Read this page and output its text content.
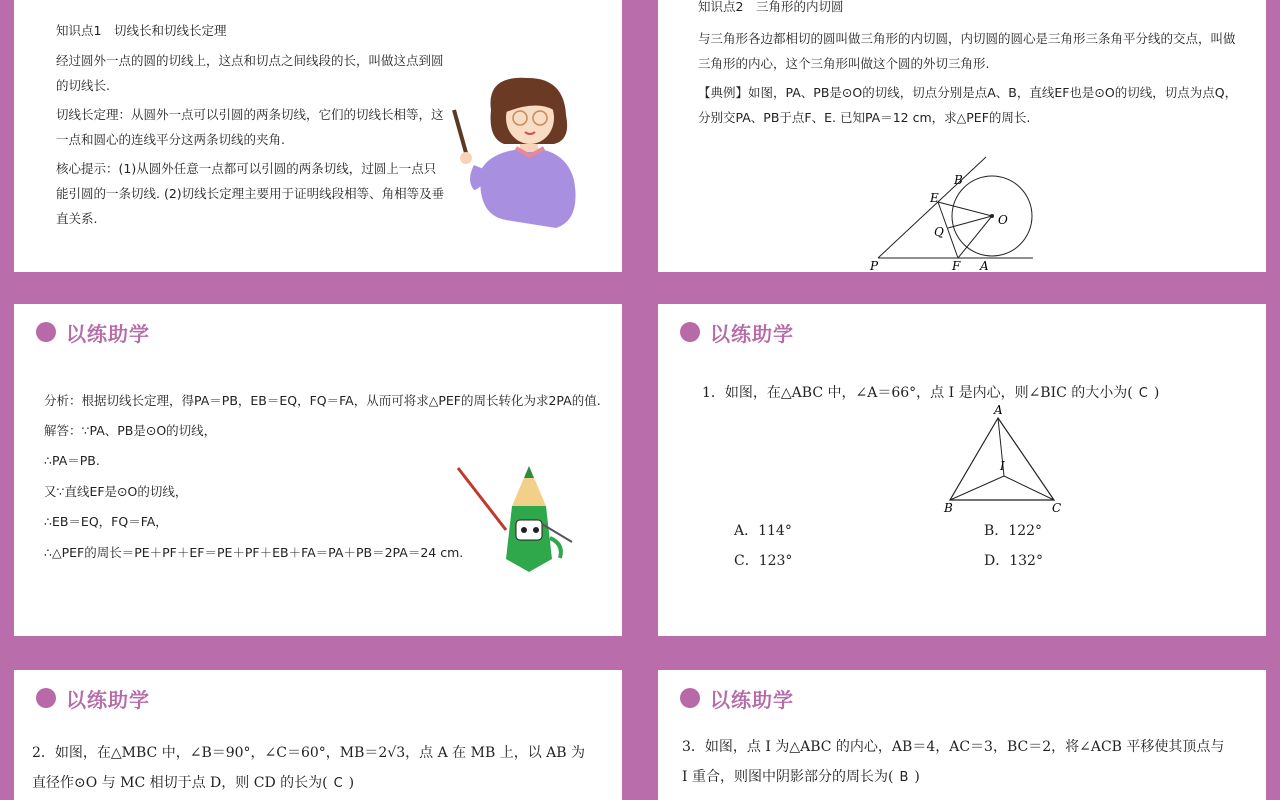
知识点1　切线长和切线长定理
经过圆外一点的圆的切线上，这点和切点之间线段的长，叫做这点到圆的切线长.
切线长定理：从圆外一点可以引圆的两条切线，它们的切线长相等，这一点和圆心的连线平分这两条切线的夹角.
核心提示：(1)从圆外任意一点都可以引圆的两条切线，过圆上一点只能引圆的一条切线. (2)切线长定理主要用于证明线段相等、角相等及垂直关系.
知识点2　三角形的内切圆
与三角形各边都相切的圆叫做三角形的内切圆，内切圆的圆心是三角形三条角平分线的交点，叫做三角形的内心，这个三角形叫做这个圆的外切三角形.
【典例】如图，PA、PB是⊙O的切线，切点分别是点A、B，直线EF也是⊙O的切线，切点为点Q，分别交PA、PB于点F、E. 已知PA＝12 cm，求△PEF的周长.
B
E
O
Q
P	F A
以练助学
分析：根据切线长定理，得PA＝PB，EB＝EQ，FQ＝FA，从而可将求△PEF的周长转化为求2PA的值.
解答：∵PA、PB是⊙O的切线，
∴PA＝PB.
又∵直线EF是⊙O的切线，
∴EB＝EQ，FQ＝FA，
∴△PEF的周长＝PE＋PF＋EF＝PE＋PF＋EB＋FA＝PA＋PB＝2PA＝24 cm.
以练助学
1．如图，在△ABC 中，∠A＝66°，点 I 是内心，则∠BIC 的大小为( C )
A
I
B	C
A．114°	B．122°
C．123°	D．132°
以练助学
2．如图，在△MBC 中，∠B＝90°，∠C＝60°，MB＝2√3，点 A 在 MB 上，以 AB 为
直径作⊙O 与 MC 相切于点 D，则 CD 的长为( C )
以练助学
3．如图，点 I 为△ABC 的内心，AB＝4，AC＝3，BC＝2，将∠ACB 平移使其顶点与
I 重合，则图中阴影部分的周长为( B )
